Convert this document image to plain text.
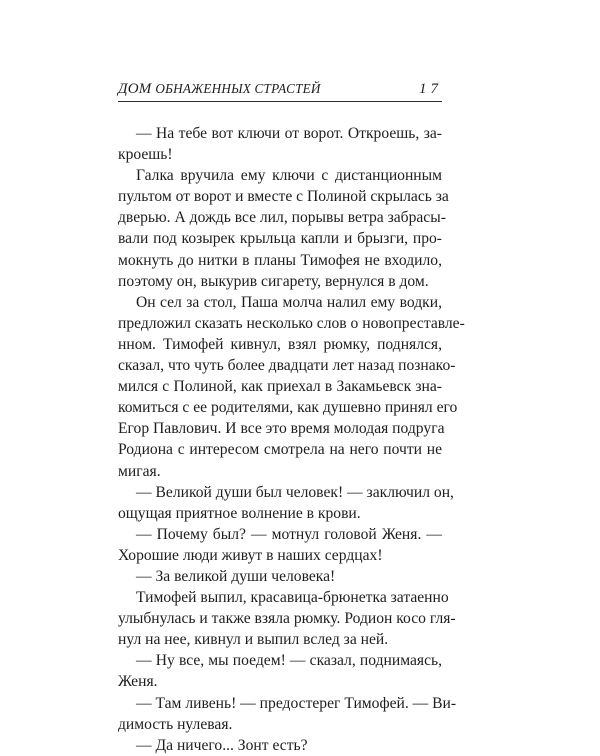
ДОМ ОБНАЖЕННЫХ СТРАСТЕЙ	17
— На тебе вот ключи от ворот. Откроешь, за-
кроешь!
Галка вручила ему ключи с дистанционным
пультом от ворот и вместе с Полиной скрылась за
дверью. А дождь все лил, порывы ветра забрасы-
вали под козырек крыльца капли и брызги, про-
мокнуть до нитки в планы Тимофея не входило,
поэтому он, выкурив сигарету, вернулся в дом.
Он сел за стол, Паша молча налил ему водки,
предложил сказать несколько слов о новопреставле-
нном. Тимофей кивнул, взял рюмку, поднялся,
сказал, что чуть более двадцати лет назад познако-
мился с Полиной, как приехал в Закамьевск зна-
комиться с ее родителями, как душевно принял его
Егор Павлович. И все это время молодая подруга
Родиона с интересом смотрела на него почти не
мигая.
— Великой души был человек! — заключил он,
ощущая приятное волнение в крови.
— Почему был? — мотнул головой Женя. —
Хорошие люди живут в наших сердцах!
— За великой души человека!
Тимофей выпил, красавица-брюнетка затаенно
улыбнулась и также взяла рюмку. Родион косо гля-
нул на нее, кивнул и выпил вслед за ней.
— Ну все, мы поедем! — сказал, поднимаясь,
Женя.
— Там ливень! — предостерег Тимофей. — Ви-
димость нулевая.
— Да ничего... Зонт есть?
